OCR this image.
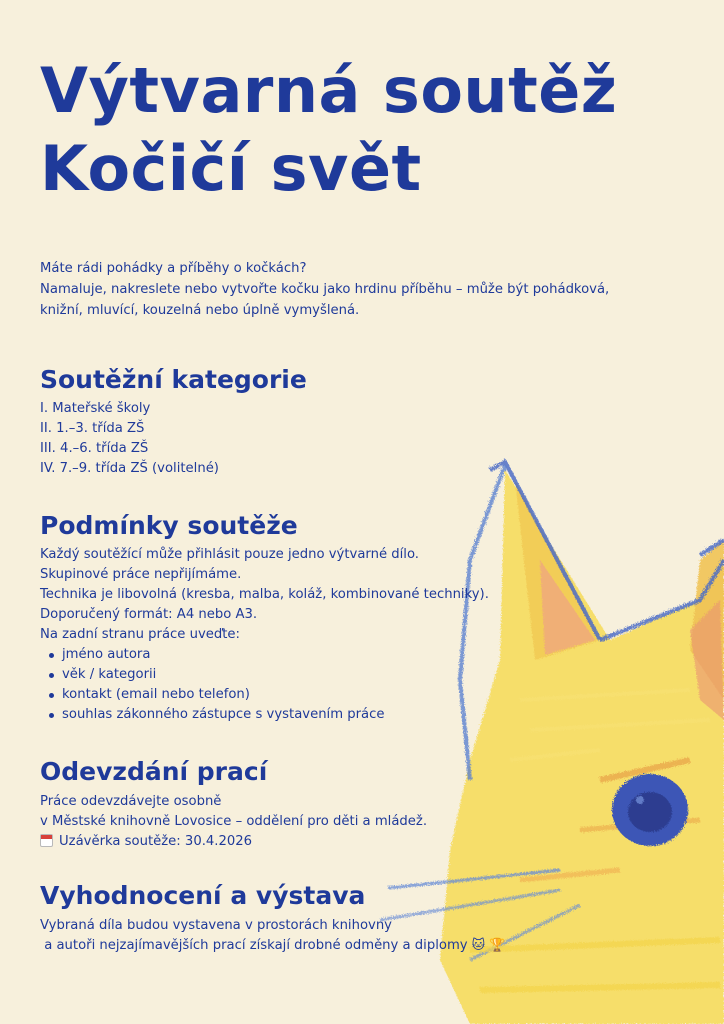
Výtvarná soutěž
Kočičí svět
Máte rádi pohádky a příběhy o kočkách?
Namaluje, nakreslete nebo vytvořte kočku jako hrdinu příběhu – může být pohádková,
knižní, mluvící, kouzelná nebo úplně vymyšlená.
Soutěžní kategorie
I. Mateřské školy
II. 1.–3. třída ZŠ
III. 4.–6. třída ZŠ
IV. 7.–9. třída ZŠ (volitelné)
Podmínky soutěže
Každý soutěžící může přihlásit pouze jedno výtvarné dílo.
Skupinové práce nepřijímáme.
Technika je libovolná (kresba, malba, koláž, kombinované techniky).
Doporučený formát: A4 nebo A3.
Na zadní stranu práce uveďte:
jméno autora
věk / kategorii
kontakt (email nebo telefon)
souhlas zákonného zástupce s vystavením práce
Odevzdání prací
Práce odevzdávejte osobně
v Městské knihovně Lovosice – oddělení pro děti a mládež.
Uzávěrka soutěže: 30.4.2026
Vyhodnocení a výstava
Vybraná díla budou vystavena v prostorách knihovny
a autoři nejzajímavějších prací získají drobné odměny a diplomy 🐱 🏆
